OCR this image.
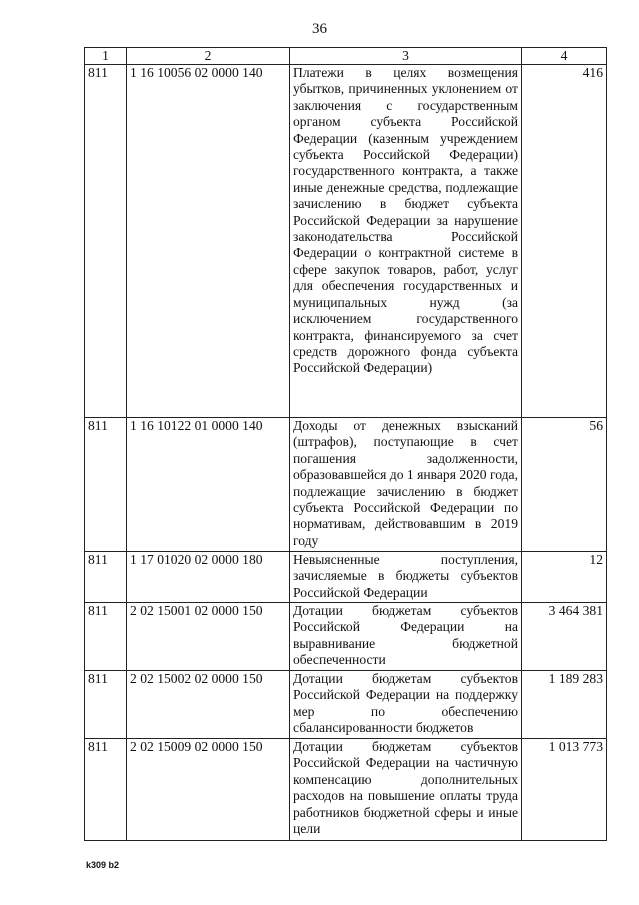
36
1	2	3	4
811	1 16 10056 02 0000 140	Платежи в целях возмещения убытков, причиненных уклонением от заключения с государственным органом субъекта Российской Федерации (казенным учреждением субъекта Российской Федерации) государственного контракта, а также иные денежные средства, подлежащие зачислению в бюджет субъекта Российской Федерации за нарушение законодательства Российской Федерации о контрактной системе в сфере закупок товаров, работ, услуг для обеспечения государственных и муниципальных нужд (за исключением государственного контракта, финансируемого за счет средств дорожного фонда субъекта Российской Федерации)	416
811	1 16 10122 01 0000 140	Доходы от денежных взысканий (штрафов), поступающие в счет погашения задолженности, образовавшейся до 1 января 2020 года, подлежащие зачислению в бюджет субъекта Российской Федерации по нормативам, действовавшим в 2019 году	56
811	1 17 01020 02 0000 180	Невыясненные поступления, зачисляемые в бюджеты субъектов Российской Федерации	12
811	2 02 15001 02 0000 150	Дотации бюджетам субъектов Российской Федерации на выравнивание бюджетной обеспеченности	3 464 381
811	2 02 15002 02 0000 150	Дотации бюджетам субъектов Российской Федерации на поддержку мер по обеспечению сбалансированности бюджетов	1 189 283
811	2 02 15009 02 0000 150	Дотации бюджетам субъектов Российской Федерации на частичную компенсацию дополнительных расходов на повышение оплаты труда работников бюджетной сферы и иные цели	1 013 773
k309 b2
